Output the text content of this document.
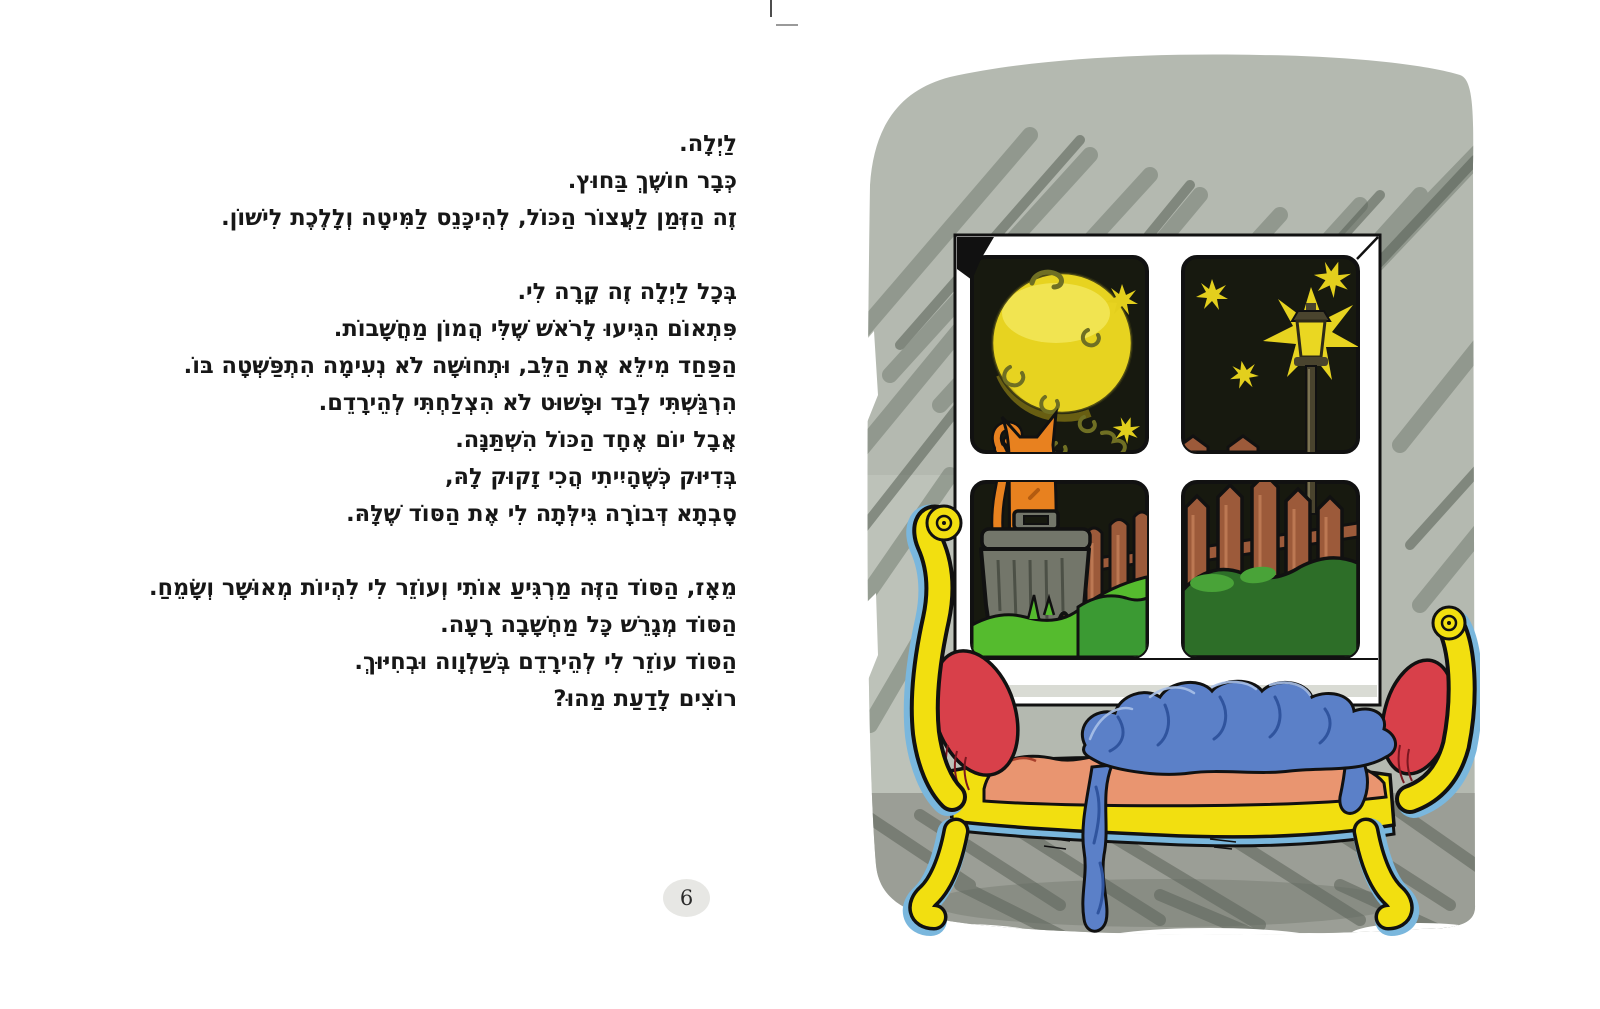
לַיְלָה.
כְּבָר חוֹשֶׁךְ בַּחוּץ.
זֶה הַזְּמַן לַעֲצוֹר הַכּוֹל, לְהִיכָּנֵס לַמִּיטָה וְלָלֶכֶת לִישׁוֹן.

בְּכָל לַיְלָה זֶה קָרָה לִי.
פִּתְאוֹם הִגִּיעוּ לָרֹאשׁ שֶׁלִּי הֲמוֹן מַחֲשָׁבוֹת.
הַפַּחַד מִילֵּא אֶת הַלֵּב, וּתְחוּשָׁה לֹא נְעִימָה הִתְפַּשְּׁטָה בּוֹ.
הִרְגַּשְׁתִּי לְבַד וּפָשׁוּט לֹא הִצְלַחְתִּי לְהֵירָדֵם.
אֲבָל יוֹם אֶחָד הַכּוֹל הִשְׁתַּנָּה.
בְּדִיּוּק כְּשֶׁהָיִיתִי הֲכִי זָקוּק לָהּ,
סָבְתָא דְּבוֹרָה גִּילְּתָה לִי אֶת הַסּוֹד שֶׁלָּהּ.

מֵאָז, הַסּוֹד הַזֶּה מַרְגִּיעַ אוֹתִי וְעוֹזֵר לִי לִהְיוֹת מְאוּשָׁר וְשָׂמֵחַ.
הַסּוֹד מְגָרֵשׁ כָּל מַחְשָׁבָה רָעָה.
הַסּוֹד עוֹזֵר לִי לְהֵירָדֵם בְּשַׁלְוָוה וּבְחִיּוּךְ.
רוֹצִים לָדַעַת מַהוּ?

6
